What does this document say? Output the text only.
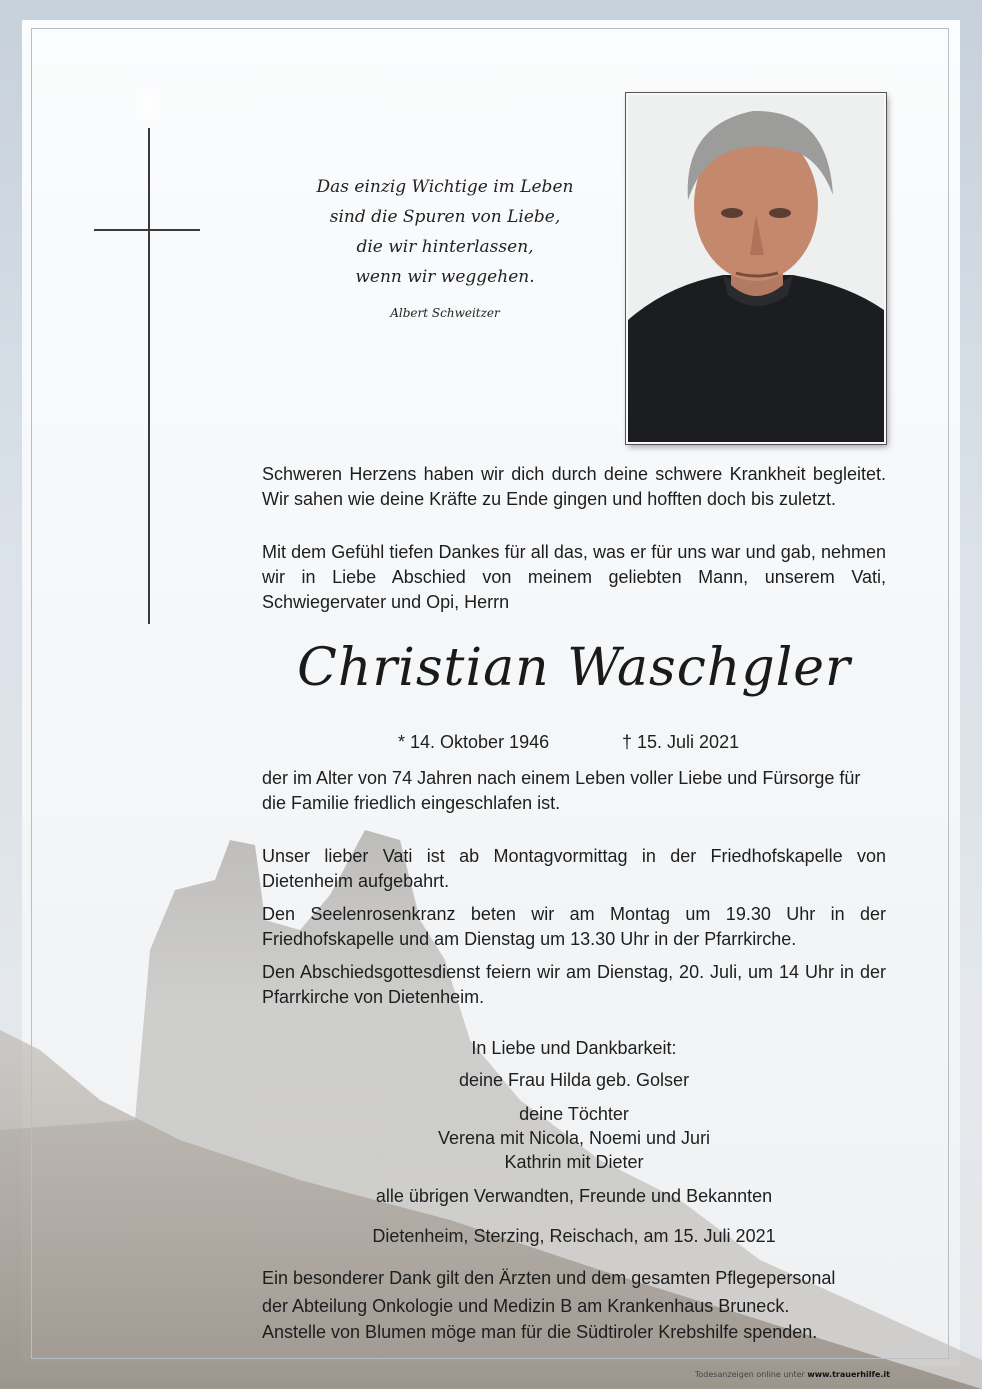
Das einzig Wichtige im Leben
sind die Spuren von Liebe,
die wir hinterlassen,
wenn wir weggehen.
Albert Schweitzer

Schweren Herzens haben wir dich durch deine schwere Krankheit begleitet. Wir sahen wie deine Kräfte zu Ende gingen und hofften doch bis zuletzt.

Mit dem Gefühl tiefen Dankes für all das, was er für uns war und gab, nehmen wir in Liebe Abschied von meinem geliebten Mann, unserem Vati, Schwiegervater und Opi, Herrn

Christian Waschgler
* 14. Oktober 1946	† 15. Juli 2021

der im Alter von 74 Jahren nach einem Leben voller Liebe und Fürsorge für die Familie friedlich eingeschlafen ist.

Unser lieber Vati ist ab Montagvormittag in der Friedhofskapelle von Dietenheim aufgebahrt.

Den Seelenrosenkranz beten wir am Montag um 19.30 Uhr in der Friedhofskapelle und am Dienstag um 13.30 Uhr in der Pfarrkirche.

Den Abschiedsgottesdienst feiern wir am Dienstag, 20. Juli, um 14 Uhr in der Pfarrkirche von Dietenheim.

In Liebe und Dankbarkeit:

deine Frau Hilda geb. Golser

deine Töchter

Verena mit Nicola, Noemi und Juri

Kathrin mit Dieter

alle übrigen Verwandten, Freunde und Bekannten

Dietenheim, Sterzing, Reischach, am 15. Juli 2021

Ein besonderer Dank gilt den Ärzten und dem gesamten Pflegepersonal

der Abteilung Onkologie und Medizin B am Krankenhaus Bruneck.

Anstelle von Blumen möge man für die Südtiroler Krebshilfe spenden.

Todesanzeigen online unter www.trauerhilfe.it
